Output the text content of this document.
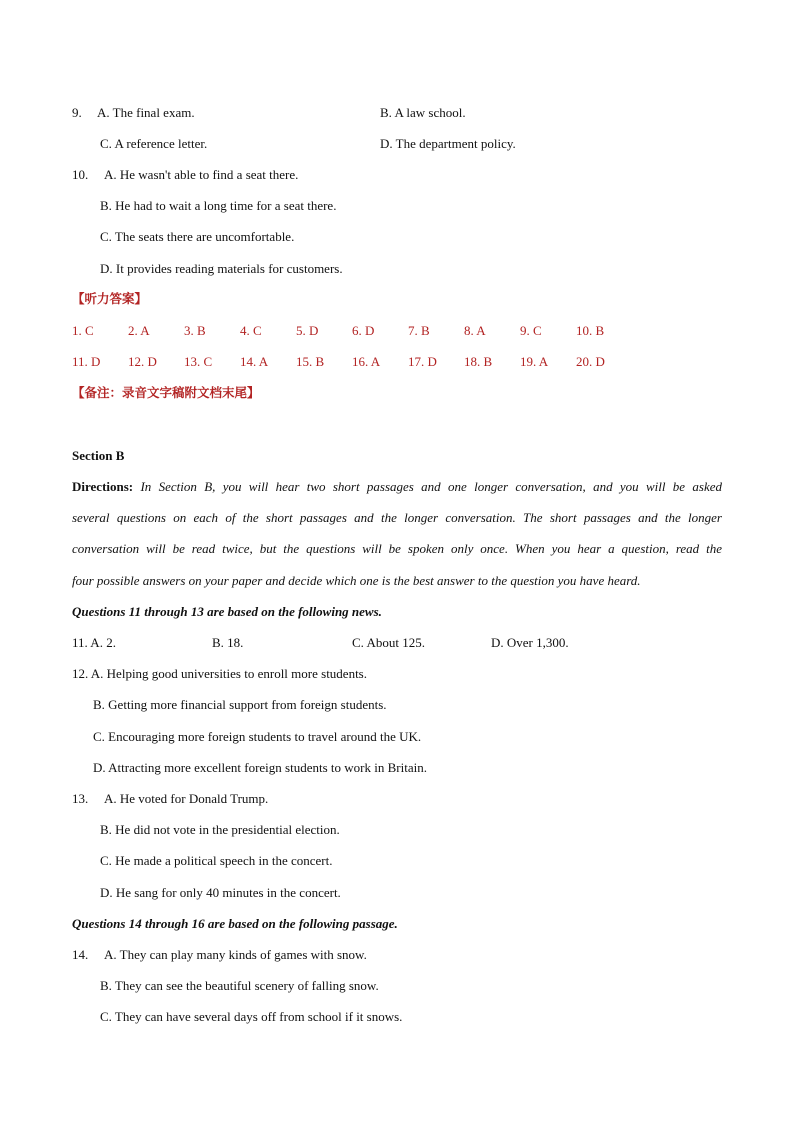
9. A. The final exam.	B. A law school.
C. A reference letter.	D. The department policy.
10. A. He wasn't able to find a seat there.
B. He had to wait a long time for a seat there.
C. The seats there are uncomfortable.
D. It provides reading materials for customers.
【听力答案】
1. C	2. A	3. B	4. C	5. D	6. D	7. B	8. A	9. C	10. B
11. D 12. D 13. C 14. A 15. B 16. A 17. D 18. B 19. A 20. D
【备注：录音文字稿附文档末尾】
Section B
Directions: In Section B, you will hear two short passages and one longer conversation, and you will be asked
several questions on each of the short passages and the longer conversation. The short passages and the longer
conversation will be read twice, but the questions will be spoken only once. When you hear a question, read the
four possible answers on your paper and decide which one is the best answer to the question you have heard.
Questions 11 through 13 are based on the following news.
11. A. 2.	B. 18.	C. About 125.	D. Over 1,300.
12. A. Helping good universities to enroll more students.
B. Getting more financial support from foreign students.
C. Encouraging more foreign students to travel around the UK.
D. Attracting more excellent foreign students to work in Britain.
13. A. He voted for Donald Trump.
B. He did not vote in the presidential election.
C. He made a political speech in the concert.
D. He sang for only 40 minutes in the concert.
Questions 14 through 16 are based on the following passage.
14. A. They can play many kinds of games with snow.
B. They can see the beautiful scenery of falling snow.
C. They can have several days off from school if it snows.
